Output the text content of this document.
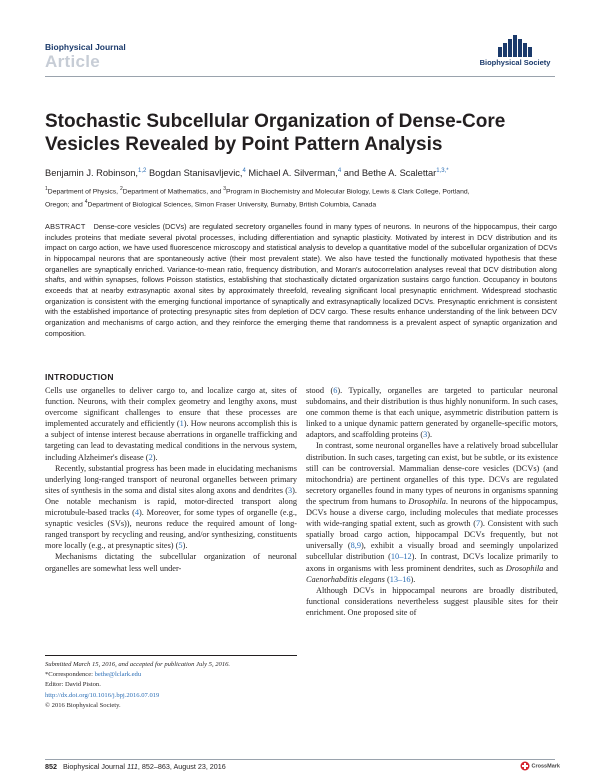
Biophysical Journal
Article	Biophysical Society
Stochastic Subcellular Organization of Dense-Core Vesicles Revealed by Point Pattern Analysis
Benjamin J. Robinson,$^{1,2}$ Bogdan Stanisavljevic,$^4$ Michael A. Silverman,$^4$ and Bethe A. Scalettar$^{1,3,*}$
$^1$Department of Physics, $^2$Department of Mathematics, and $^3$Program in Biochemistry and Molecular Biology, Lewis & Clark College, Portland,
Oregon; and $^4$Department of Biological Sciences, Simon Fraser University, Burnaby, British Columbia, Canada
ABSTRACT Dense-core vesicles (DCVs) are regulated secretory organelles found in many types of neurons. In neurons of the hippocampus, their cargo includes proteins that mediate several pivotal processes, including differentiation and synaptic plasticity. Motivated by interest in DCV distribution and its impact on cargo action, we have used fluorescence microscopy and statistical analysis to develop a quantitative model of the subcellular organization of DCVs in hippocampal neurons that are spontaneously active (their most prevalent state). We also have tested the functionally motivated hypothesis that these organelles are synaptically enriched. Variance-to-mean ratio, frequency distribution, and Moran's autocorrelation analyses reveal that DCV distribution along shafts, and within synapses, follows Poisson statistics, establishing that stochastically dictated organization sustains cargo function. Occupancy in boutons exceeds that at nearby extrasynaptic axonal sites by approximately threefold, revealing significant local presynaptic enrichment. Widespread stochastic organization is consistent with the emerging functional importance of synaptically and extrasynaptically localized DCVs. Presynaptic enrichment is consistent with the established importance of protecting presynaptic sites from depletion of DCV cargo. These results enhance understanding of the link between DCV organization and mechanisms of cargo action, and they reinforce the emerging theme that randomness is a prevalent aspect of synaptic organization and composition.
INTRODUCTION

Cells use organelles to deliver cargo to, and localize cargo at, sites of function. Neurons, with their complex geometry and lengthy axons, must overcome significant challenges to ensure that these processes are implemented accurately and efficiently (1). How neurons accomplish this is a subject of intense interest because aberrations in organelle trafficking and targeting can lead to devastating medical conditions in the nervous system, including Alzheimer's disease (2).

Recently, substantial progress has been made in elucidating mechanisms underlying long-ranged transport of neuronal organelles between primary sites of synthesis in the soma and distal sites along axons and dendrites (3). One notable mechanism is rapid, motor-directed transport along microtubule-based tracks (4). Moreover, for some types of organelle (e.g., synaptic vesicles (SVs)), neurons reduce the required amount of long-ranged transport by recycling and reusing, and/or synthesizing, constituents more locally (e.g., at presynaptic sites) (5).

Mechanisms dictating the subcellular organization of neuronal organelles are somewhat less well under-

stood (6). Typically, organelles are targeted to particular neuronal subdomains, and their distribution is thus highly nonuniform. In such cases, one common theme is that each unique, asymmetric distribution pattern is linked to a unique dynamic pattern generated by organelle-specific motors, adaptors, and scaffolding proteins (3).

In contrast, some neuronal organelles have a relatively broad subcellular distribution. In such cases, targeting can exist, but be subtle, or its existence still can be controversial. Mammalian dense-core vesicles (DCVs) (and mitochondria) are pertinent organelles of this type. DCVs are regulated secretory organelles found in many types of neurons in organisms spanning the spectrum from humans to Drosophila. In neurons of the hippocampus, DCVs house a diverse cargo, including molecules that mediate processes with wide-ranging spatial extent, such as growth (7). Consistent with such spatially broad cargo action, hippocampal DCVs frequently, but not universally (8,9), exhibit a visually broad and seemingly unpolarized subcellular distribution (10–12). In contrast, DCVs localize primarily to axons in organisms with less prominent dendrites, such as Drosophila and Caenorhabditis elegans (13–16).

Although DCVs in hippocampal neurons are broadly distributed, functional considerations nevertheless suggest plausible sites for their enrichment. One proposed site of

Submitted March 15, 2016, and accepted for publication July 5, 2016.
*Correspondence: bethe@lclark.edu
Editor: David Piston.
http://dx.doi.org/10.1016/j.bpj.2016.07.019
© 2016 Biophysical Society.
852 Biophysical Journal 111, 852–863, August 23, 2016	CrossMark
